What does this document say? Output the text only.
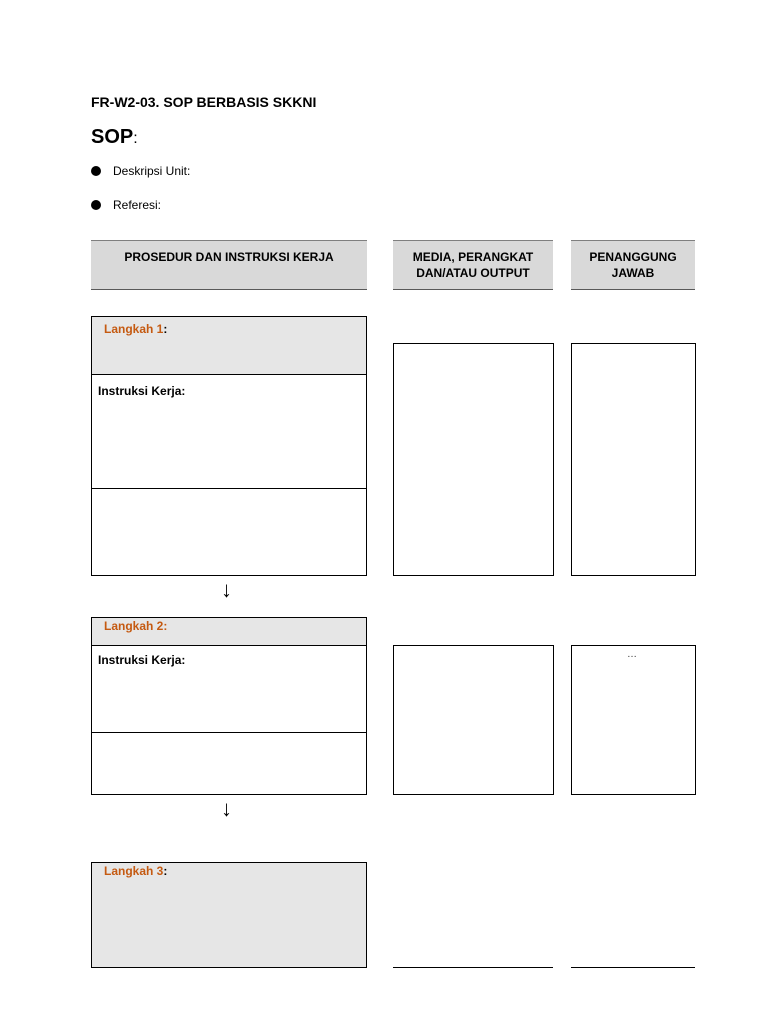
FR-W2-03. SOP BERBASIS SKKNI
SOP:
Deskripsi Unit:
Referesi:
PROSEDUR DAN INSTRUKSI KERJA	MEDIA, PERANGKAT DAN/ATAU OUTPUT
PENANGGUNG JAWAB
Langkah 1:
Instruksi Kerja:
↓
Langkah 2:
Instruksi Kerja:	…
↓
Langkah 3:
